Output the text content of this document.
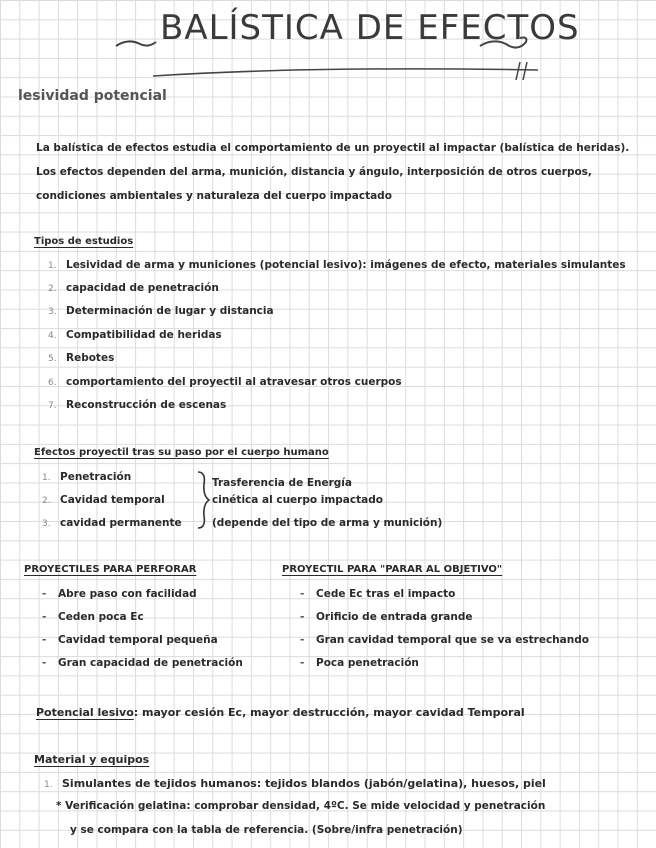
BALÍSTICA DE EFECTOS
lesividad potencial
La balística de efectos estudia el comportamiento de un proyectil al impactar (balística de heridas). Los efectos dependen del arma, munición, distancia y ángulo, interposición de otros cuerpos, condiciones ambientales y naturaleza del cuerpo impactado
Tipos de estudios
1. Lesividad de arma y municiones (potencial lesivo): imágenes de efecto, materiales simulantes
2. capacidad de penetración
3. Determinación de lugar y distancia
4. Compatibilidad de heridas
5. Rebotes
6. comportamiento del proyectil al atravesar otros cuerpos
7. Reconstrucción de escenas
Efectos proyectil tras su paso por el cuerpo humano
1. Penetración
2. Cavidad temporal
3. cavidad permanente
Trasferencia de Energía
cinética al cuerpo impactado
(depende del tipo de arma y munición)
PROYECTILES PARA PERFORAR
- Abre paso con facilidad
- Ceden poca Ec
- Cavidad temporal pequeña
- Gran capacidad de penetración
PROYECTIL PARA "PARAR AL OBJETIVO"
- Cede Ec tras el impacto
- Orificio de entrada grande
- Gran cavidad temporal que se va estrechando
- Poca penetración
Potencial lesivo: mayor cesión Ec, mayor destrucción, mayor cavidad Temporal
Material y equipos
1. Simulantes de tejidos humanos: tejidos blandos (jabón/gelatina), huesos, piel
* Verificación gelatina: comprobar densidad, 4ºC. Se mide velocidad y penetración
y se compara con la tabla de referencia. (Sobre/infra penetración)
